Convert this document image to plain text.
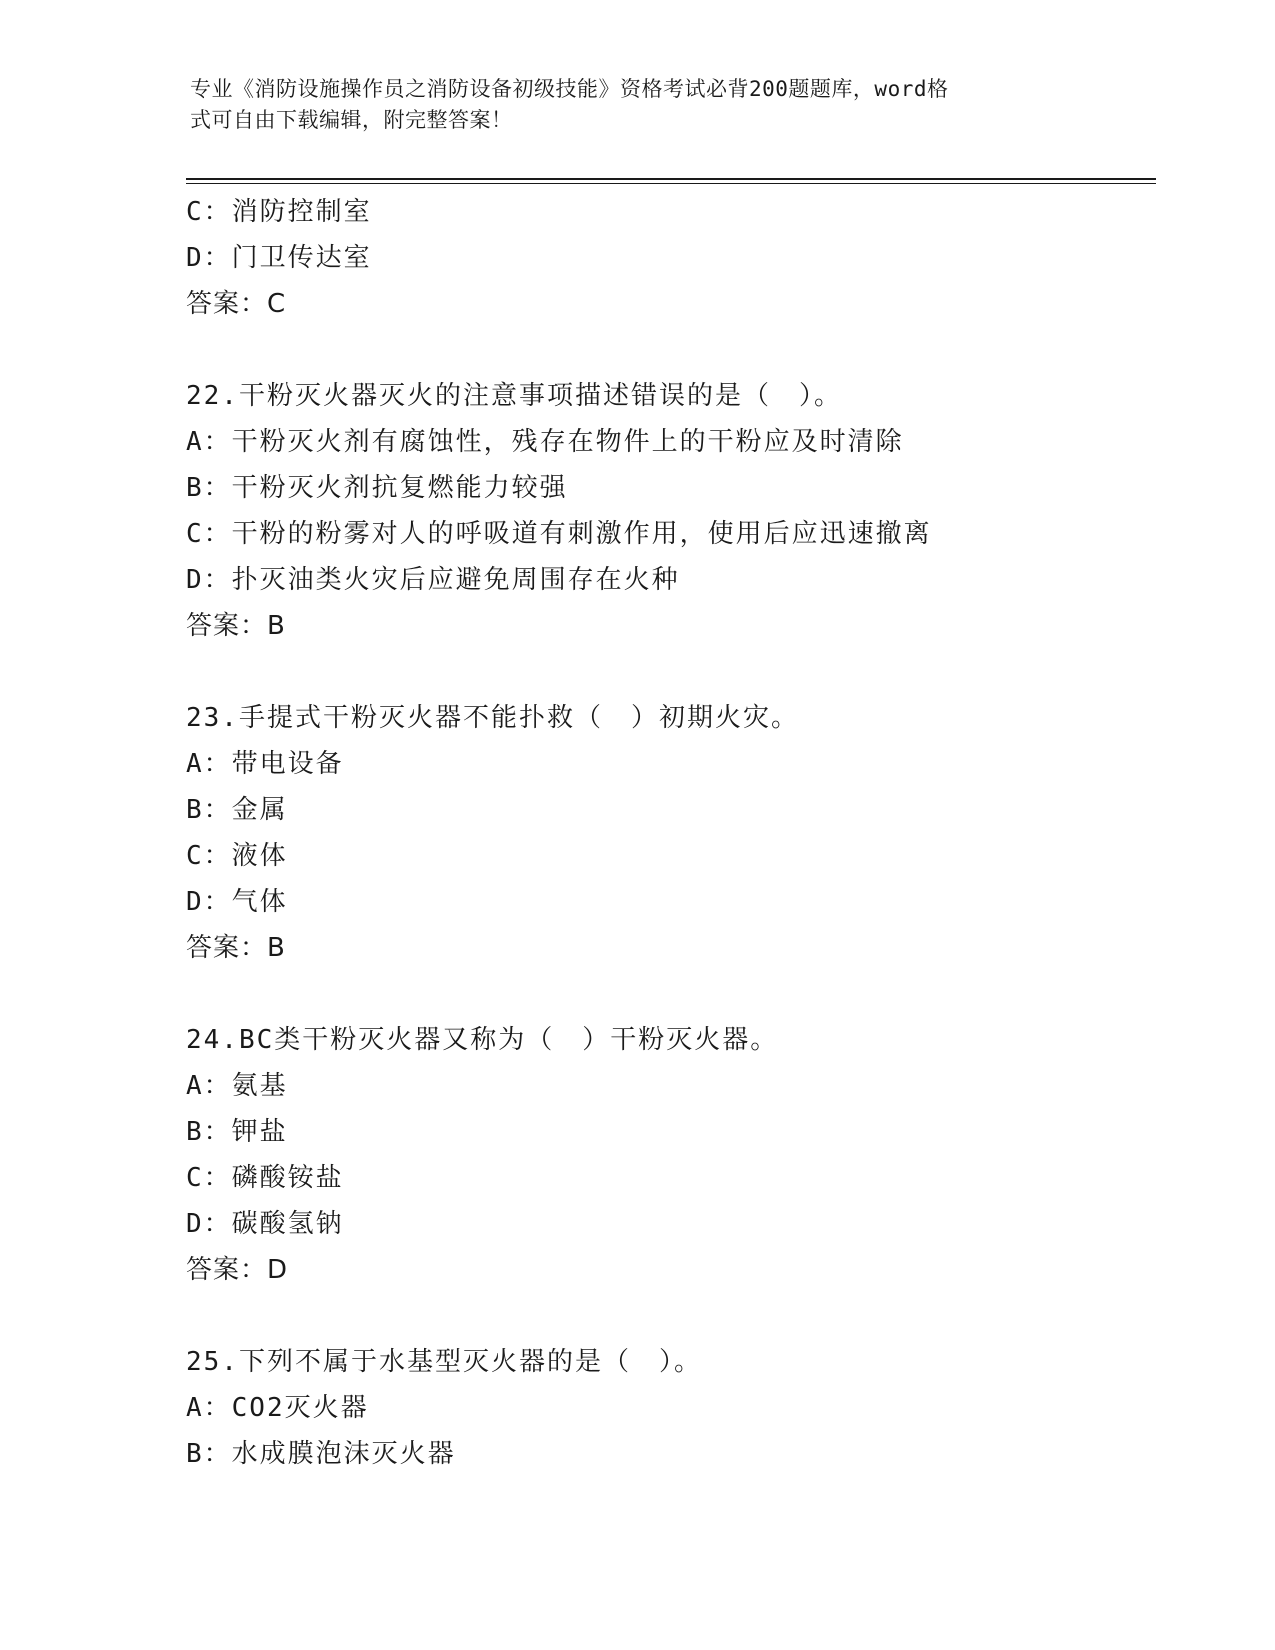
专业《消防设施操作员之消防设备初级技能》资格考试必背200题题库，word格
式可自由下载编辑，附完整答案！
C：消防控制室
D：门卫传达室
答案：C
22.干粉灭火器灭火的注意事项描述错误的是（　）。
A：干粉灭火剂有腐蚀性，残存在物件上的干粉应及时清除
B：干粉灭火剂抗复燃能力较强
C：干粉的粉雾对人的呼吸道有刺激作用，使用后应迅速撤离
D：扑灭油类火灾后应避免周围存在火种
答案：B
23.手提式干粉灭火器不能扑救（　）初期火灾。
A：带电设备
B：金属
C：液体
D：气体
答案：B
24.BC类干粉灭火器又称为（　）干粉灭火器。
A：氨基
B：钾盐
C：磷酸铵盐
D：碳酸氢钠
答案：D
25.下列不属于水基型灭火器的是（　）。
A：CO2灭火器
B：水成膜泡沫灭火器
